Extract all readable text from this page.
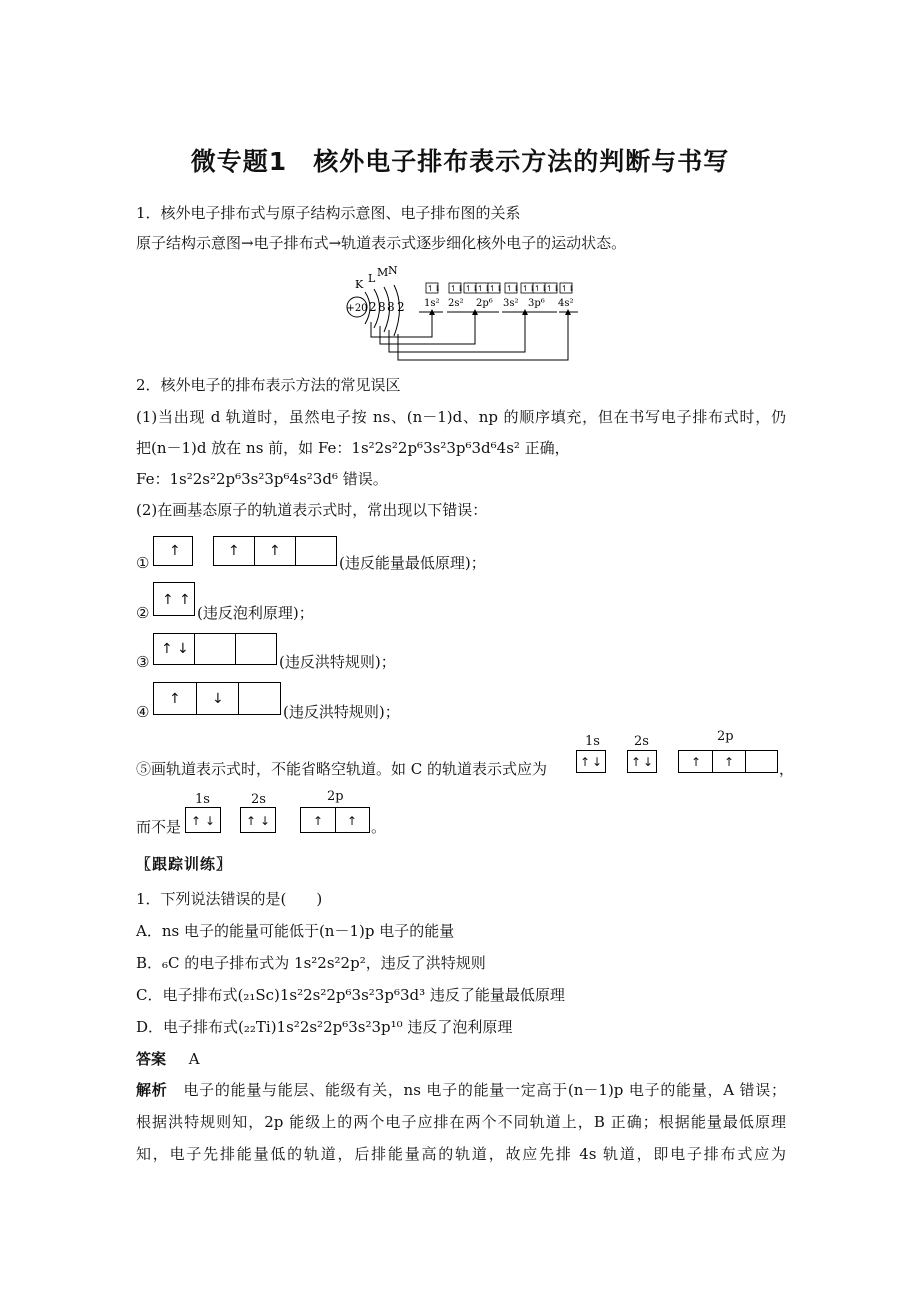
微专题1　核外电子排布表示方法的判断与书写
1．核外电子排布式与原子结构示意图、电子排布图的关系
原子结构示意图→电子排布式→轨道表示式逐步细化核外电子的运动状态。
K L M N
+20 2 8 8 2
↿⇂ ↿⇂ ↿⇂
↿⇂
↿⇂ ↿⇂ ↿⇂
↿⇂
↿⇂ ↿⇂
1s² 2s² 2p⁶ 3s² 3p⁶ 4s²
2．核外电子的排布表示方法的常见误区
(1)当出现 d 轨道时，虽然电子按 ns、(n－1)d、np 的顺序填充，但在书写电子排布式时，仍
把(n－1)d 放在 ns 前，如 Fe：1s²2s²2p⁶3s²3p⁶3d⁶4s² 正确，
Fe：1s²2s²2p⁶3s²3p⁶4s²3d⁶ 错误。
(2)在画基态原子的轨道表示式时，常出现以下错误：
①
↑	↑ ↑
(违反能量最低原理)；
②
↑ ↑
(违反泡利原理)；
③
↑ ↓
(违反洪特规则)；
④
↑ ↓
(违反洪特规则)；
⑤画轨道表示式时，不能省略空轨道。如 C 的轨道表示式应为
1s	2s	2p
↑ ↓ ↑ ↓	↑ ↑	，
而不是
1s	2s	2p
↑ ↓	↑ ↓	↑ ↑ 。
〖跟踪训练〗
1．下列说法错误的是(　　)
A．ns 电子的能量可能低于(n－1)p 电子的能量
B．₆C 的电子排布式为 1s²2s²2p²，违反了洪特规则
C．电子排布式(₂₁Sc)1s²2s²2p⁶3s²3p⁶3d³ 违反了能量最低原理
D．电子排布式(₂₂Ti)1s²2s²2p⁶3s²3p¹⁰ 违反了泡利原理
答案 A
解析 电子的能量与能层、能级有关，ns 电子的能量一定高于(n－1)p 电子的能量，A 错误；
根据洪特规则知，2p 能级上的两个电子应排在两个不同轨道上，B 正确；根据能量最低原理
知，电子先排能量低的轨道，后排能量高的轨道，故应先排 4s 轨道，即电子排布式应为
